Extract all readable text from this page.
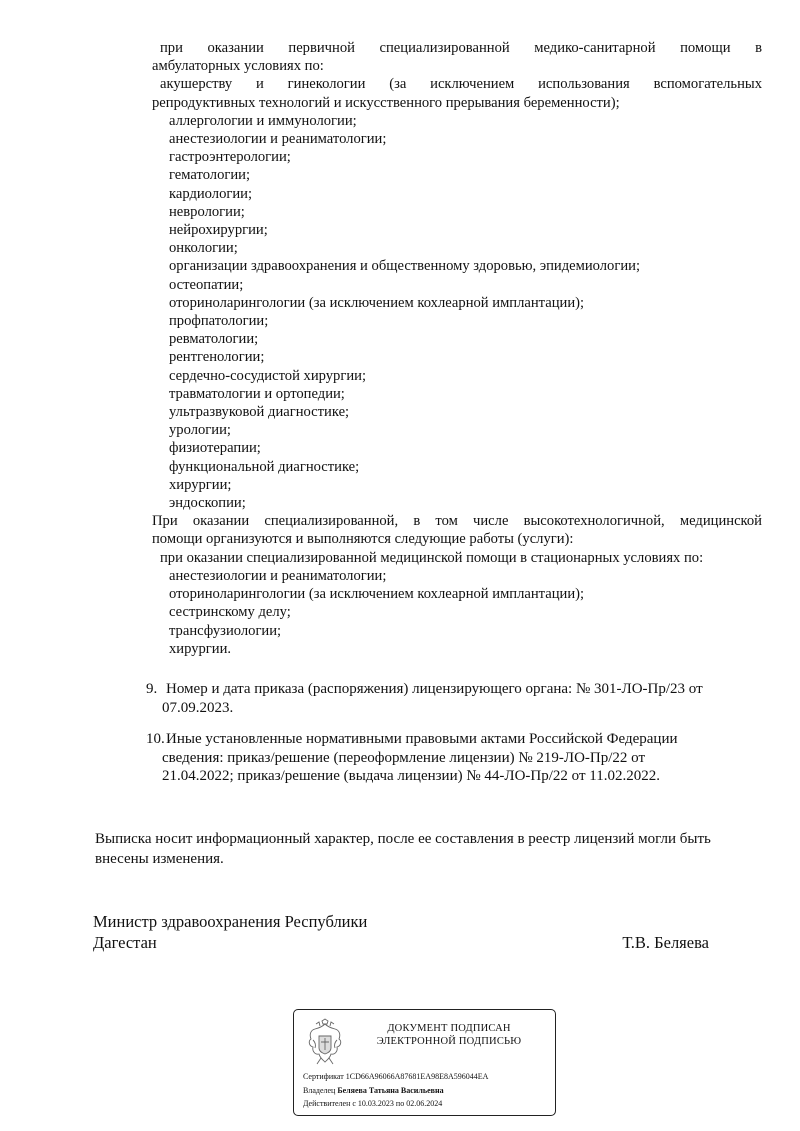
при оказании первичной специализированной медико-санитарной помощи в
амбулаторных условиях по:
акушерству и гинекологии (за исключением использования вспомогательных
репродуктивных технологий и искусственного прерывания беременности);
аллергологии и иммунологии;
анестезиологии и реаниматологии;
гастроэнтерологии;
гематологии;
кардиологии;
неврологии;
нейрохирургии;
онкологии;
организации здравоохранения и общественному здоровью, эпидемиологии;
остеопатии;
оториноларингологии (за исключением кохлеарной имплантации);
профпатологии;
ревматологии;
рентгенологии;
сердечно-сосудистой хирургии;
травматологии и ортопедии;
ультразвуковой диагностике;
урологии;
физиотерапии;
функциональной диагностике;
хирургии;
эндоскопии;
При оказании специализированной, в том числе высокотехнологичной, медицинской
помощи организуются и выполняются следующие работы (услуги):
при оказании специализированной медицинской помощи в стационарных условиях по:
анестезиологии и реаниматологии;
оториноларингологии (за исключением кохлеарной имплантации);
сестринскому делу;
трансфузиологии;
хирургии.
9. Номер и дата приказа (распоряжения) лицензирующего органа: № 301-ЛО-Пр/23 от
07.09.2023.
10. Иные установленные нормативными правовыми актами Российской Федерации
сведения: приказ/решение (переоформление лицензии) № 219-ЛО-Пр/22 от
21.04.2022; приказ/решение (выдача лицензии) № 44-ЛО-Пр/22 от 11.02.2022.
Выписка носит информационный характер, после ее составления в реестр лицензий могли быть
внесены изменения.
Министр здравоохранения Республики
Дагестан	Т.В. Беляева
ДОКУМЕНТ ПОДПИСАН
ЭЛЕКТРОННОЙ ПОДПИСЬЮ
Сертификат 1CD66A96066A87681EA98E8A596044EA
Владелец Беляева Татьяна Васильевна
Действителен с 10.03.2023 по 02.06.2024
